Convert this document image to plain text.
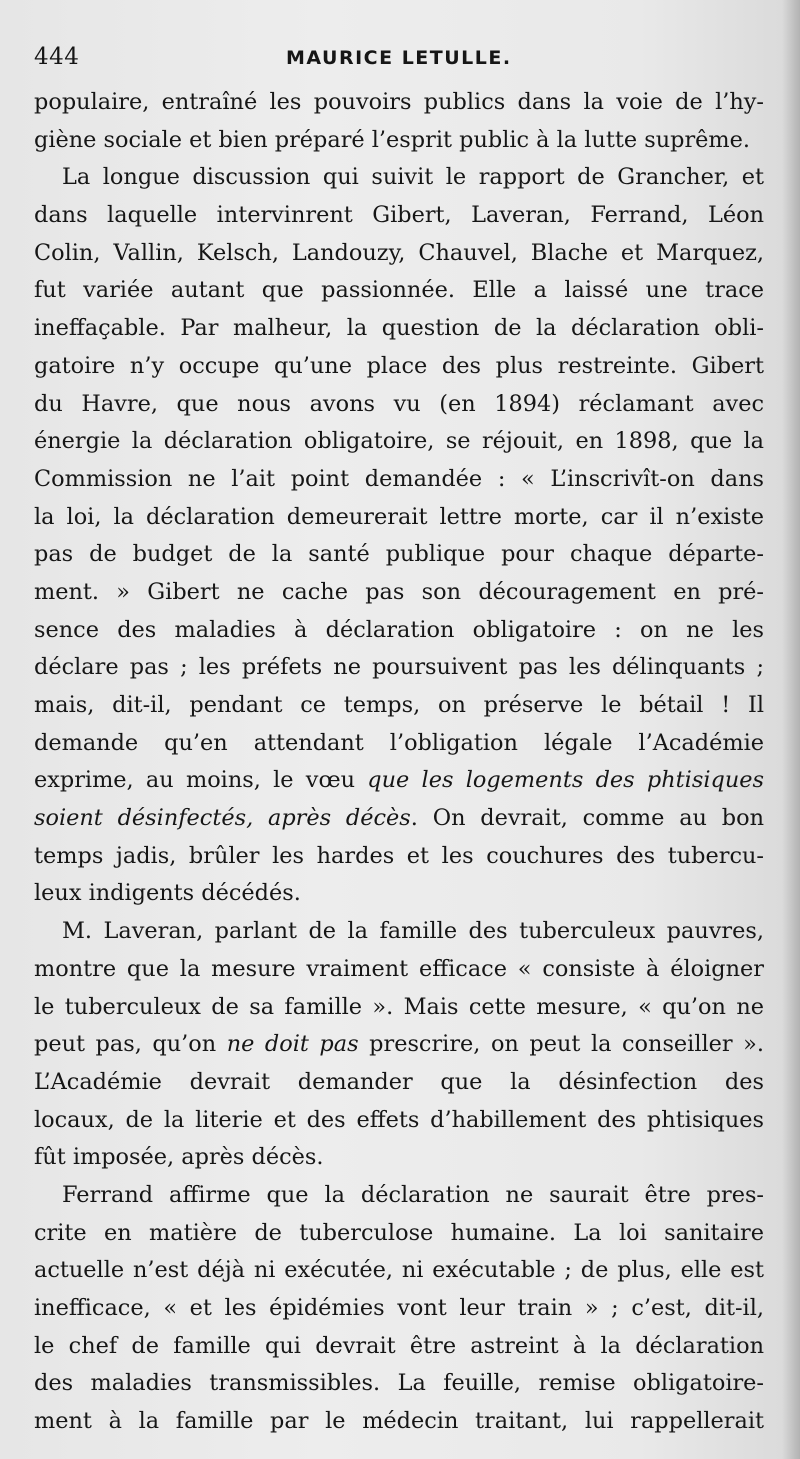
444	MAURICE LETULLE.
populaire, entraîné les pouvoirs publics dans la voie de l’hy-
giène sociale et bien préparé l’esprit public à la lutte suprême.
La longue discussion qui suivit le rapport de Grancher, et
dans laquelle intervinrent Gibert, Laveran, Ferrand, Léon
Colin, Vallin, Kelsch, Landouzy, Chauvel, Blache et Marquez,
fut variée autant que passionnée. Elle a laissé une trace
ineffaçable. Par malheur, la question de la déclaration obli-
gatoire n’y occupe qu’une place des plus restreinte. Gibert
du Havre, que nous avons vu (en 1894) réclamant avec
énergie la déclaration obligatoire, se réjouit, en 1898, que la
Commission ne l’ait point demandée : « L’inscrivît-on dans
la loi, la déclaration demeurerait lettre morte, car il n’existe
pas de budget de la santé publique pour chaque départe-
ment. » Gibert ne cache pas son découragement en pré-
sence des maladies à déclaration obligatoire : on ne les
déclare pas ; les préfets ne poursuivent pas les délinquants ;
mais, dit-il, pendant ce temps, on préserve le bétail ! Il
demande qu’en attendant l’obligation légale l’Académie
exprime, au moins, le vœu que les logements des phtisiques
soient désinfectés, après décès. On devrait, comme au bon
temps jadis, brûler les hardes et les couchures des tubercu-
leux indigents décédés.
M. Laveran, parlant de la famille des tuberculeux pauvres,
montre que la mesure vraiment efficace « consiste à éloigner
le tuberculeux de sa famille ». Mais cette mesure, « qu’on ne
peut pas, qu’on ne doit pas prescrire, on peut la conseiller ».
L’Académie devrait demander que la désinfection des
locaux, de la literie et des effets d’habillement des phtisiques
fût imposée, après décès.
Ferrand affirme que la déclaration ne saurait être pres-
crite en matière de tuberculose humaine. La loi sanitaire
actuelle n’est déjà ni exécutée, ni exécutable ; de plus, elle est
inefficace, « et les épidémies vont leur train » ; c’est, dit-il,
le chef de famille qui devrait être astreint à la déclaration
des maladies transmissibles. La feuille, remise obligatoire-
ment à la famille par le médecin traitant, lui rappellerait
